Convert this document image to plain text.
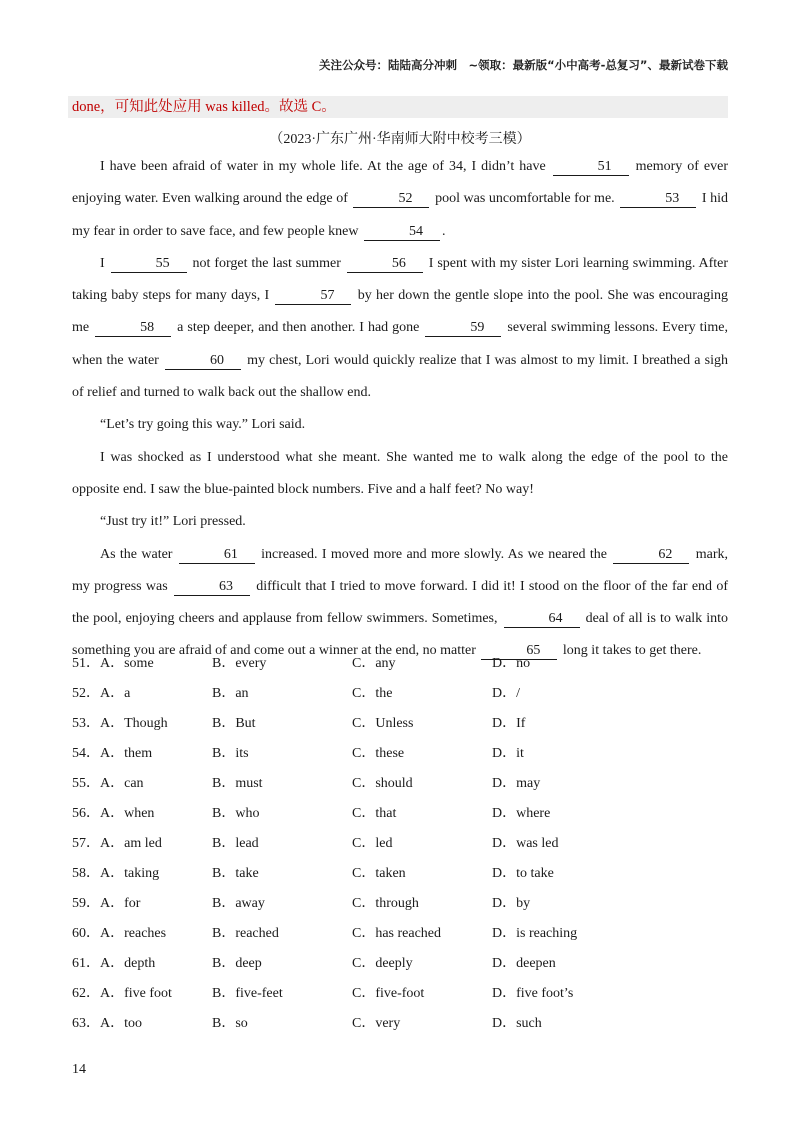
关注公众号：陆陆高分冲刺　~领取：最新版“小中高考-总复习”、最新试卷下载
done，可知此处应用 was killed。故选 C。
（2023·广东广州·华南师大附中校考三模）

I have been afraid of water in my whole life. At the age of 34, I didn’t have	51 memory of ever enjoying water. Even walking around the edge of	52 pool was uncomfortable for me.	53 I hid my fear in order to save face, and few people knew	54 .

I	55 not forget the last summer	56 I spent with my sister Lori learning swimming. After taking baby steps for many days, I	57 by her down the gentle slope into the pool. She was encouraging me	58 a step deeper, and then another. I had gone	59 several swimming lessons. Every time, when the water	60 my chest, Lori would quickly realize that I was almost to my limit. I breathed a sigh of relief and turned to walk back out the shallow end.

“Let’s try going this way.” Lori said.

I was shocked as I understood what she meant. She wanted me to walk along the edge of the pool to the opposite end. I saw the blue-painted block numbers. Five and a half feet? No way!

“Just try it!” Lori pressed.

As the water	61 increased. I moved more and more slowly. As we neared the	62 mark, my progress was	63 difficult that I tried to move forward. I did it! I stood on the floor of the far end of the pool, enjoying cheers and applause from fellow swimmers. Sometimes,	64 deal of all is to walk into something you are afraid of and come out a winner at the end, no matter	65 long it takes to get there.

51． A．some	B．every	C．any	D．no
52． A．a	B．an	C．the	D．/
53． A．Though	B．But	C．Unless	D．If
54． A．them	B．its	C．these	D．it
55． A．can	B．must	C．should	D．may
56． A．when	B．who	C．that	D．where
57． A．am led	B．lead	C．led	D．was led
58． A．taking	B．take	C．taken	D．to take
59． A．for	B．away	C．through	D．by
60． A．reaches	B．reached	C．has reached	D．is reaching
61． A．depth	B．deep	C．deeply	D．deepen
62． A．five foot	B．five-feet	C．five-foot	D．five foot’s
63． A．too	B．so	C．very	D．such
14
